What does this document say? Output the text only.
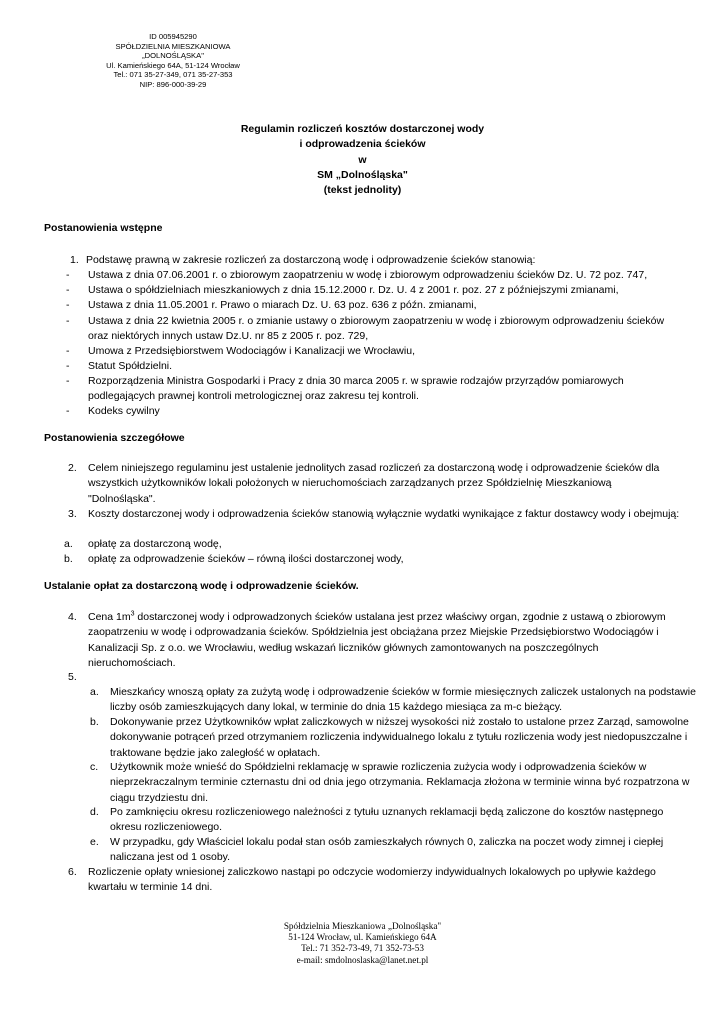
ID 005945290
SPÓŁDZIELNIA MIESZKANIOWA
„DOLNOŚLĄSKA"
Ul. Kamieńskiego 64A, 51-124 Wrocław
Tel.: 071 35-27-349, 071 35-27-353
NIP: 896-000-39-29
Regulamin rozliczeń kosztów dostarczonej wody
i odprowadzenia ścieków
w
SM „Dolnośląska"
(tekst jednolity)
Postanowienia wstępne
1. Podstawę prawną w zakresie rozliczeń za dostarczoną wodę i odprowadzenie ścieków stanowią:
- Ustawa z dnia 07.06.2001 r. o zbiorowym zaopatrzeniu w wodę i zbiorowym odprowadzeniu ścieków Dz. U. 72 poz. 747,
- Ustawa o spółdzielniach mieszkaniowych z dnia 15.12.2000 r. Dz. U. 4 z 2001 r. poz. 27 z późniejszymi zmianami,
- Ustawa z dnia 11.05.2001 r. Prawo o miarach Dz. U. 63 poz. 636 z późn. zmianami,
- Ustawa z dnia 22 kwietnia 2005 r. o zmianie ustawy o zbiorowym zaopatrzeniu w wodę i zbiorowym odprowadzeniu ścieków oraz niektórych innych ustaw Dz.U. nr 85 z 2005 r. poz. 729,
- Umowa z Przedsiębiorstwem Wodociągów i Kanalizacji we Wrocławiu,
- Statut Spółdzielni.
- Rozporządzenia Ministra Gospodarki i Pracy z dnia 30 marca 2005 r. w sprawie rodzajów przyrządów pomiarowych podlegających prawnej kontroli metrologicznej oraz zakresu tej kontroli.
- Kodeks cywilny
Postanowienia szczegółowe
2. Celem niniejszego regulaminu jest ustalenie jednolitych zasad rozliczeń za dostarczoną wodę i odprowadzenie ścieków dla wszystkich użytkowników lokali położonych w nieruchomościach zarządzanych przez Spółdzielnię Mieszkaniową "Dolnośląska".
3. Koszty dostarczonej wody i odprowadzenia ścieków stanowią wyłącznie wydatki wynikające z faktur dostawcy wody i obejmują:
a. opłatę za dostarczoną wodę,
b. opłatę za odprowadzenie ścieków – równą ilości dostarczonej wody,
Ustalanie opłat za dostarczoną wodę i odprowadzenie ścieków.
4. Cena $1m^3$ dostarczonej wody i odprowadzonych ścieków ustalana jest przez właściwy organ, zgodnie z ustawą o zbiorowym zaopatrzeniu w wodę i odprowadzania ścieków. Spółdzielnia jest obciążana przez Miejskie Przedsiębiorstwo Wodociągów i Kanalizacji Sp. z o.o. we Wrocławiu, według wskazań liczników głównych zamontowanych na poszczególnych nieruchomościach.
5.
a. Mieszkańcy wnoszą opłaty za zużytą wodę i odprowadzenie ścieków w formie miesięcznych zaliczek ustalonych na podstawie liczby osób zamieszkujących dany lokal, w terminie do dnia 15 każdego miesiąca za m-c bieżący.
b. Dokonywanie przez Użytkowników wpłat zaliczkowych w niższej wysokości niż zostało to ustalone przez Zarząd, samowolne dokonywanie potrąceń przed otrzymaniem rozliczenia indywidualnego lokalu z tytułu rozliczenia wody jest niedopuszczalne i traktowane będzie jako zaległość w opłatach.
c. Użytkownik może wnieść do Spółdzielni reklamację w sprawie rozliczenia zużycia wody i odprowadzenia ścieków w nieprzekraczalnym terminie czternastu dni od dnia jego otrzymania. Reklamacja złożona w terminie winna być rozpatrzona w ciągu trzydziestu dni.
d. Po zamknięciu okresu rozliczeniowego należności z tytułu uznanych reklamacji będą zaliczone do kosztów następnego okresu rozliczeniowego.
e. W przypadku, gdy Właściciel lokalu podał stan osób zamieszkałych równych 0, zaliczka na poczet wody zimnej i ciepłej naliczana jest od 1 osoby.
6. Rozliczenie opłaty wniesionej zaliczkowo nastąpi po odczycie wodomierzy indywidualnych lokalowych po upływie każdego kwartału w terminie 14 dni.
Spółdzielnia Mieszkaniowa „Dolnośląska"
51-124 Wrocław, ul. Kamieńskiego 64A
Tel.: 71 352-73-49, 71 352-73-53
e-mail: smdolnoslaska@lanet.net.pl
